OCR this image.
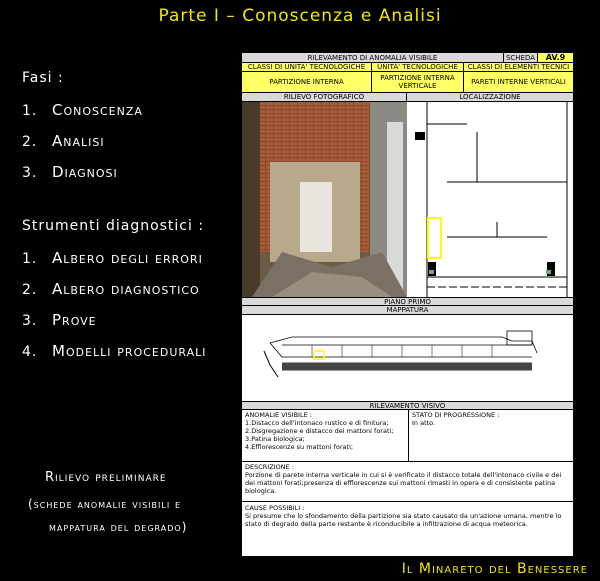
Parte I – Conoscenza e Analisi
Fasi :
1. Conoscenza
2. Analisi
3. Diagnosi
Strumenti diagnostici :
1. Albero degli errori
2. Albero diagnostico
3. Prove
4. Modelli procedurali
Rilievo preliminare
(schede anomalie visibili e
mappatura del degrado)
Il Minareto del Benessere
RILEVAMENTO DI ANOMALIA VISIBILE	SCHEDA	AV.9
CLASSI DI UNITA' TECNOLOGICHE	UNITA' TECNOLOGICHE	CLASSI DI ELEMENTI TECNICI
PARTIZIONE INTERNA	PARTIZIONE INTERNA VERTICALE	PARETI INTERNE VERTICALI
RILIEVO FOTOGRAFICO	LOCALIZZAZIONE
PIANO PRIMO
MAPPATURA
RILEVAMENTO VISIVO
ANOMALIE VISIBILE :
1.Distacco dell'intonaco rustico e di finitura;
2.Disgregazione e distacco dei mattoni forati;
3.Patina biologica;
4.Efflorescenze su mattoni forati;
STATO DI PROGRESSIONE :
In atto.
DESCRIZIONE :
Porzione di parete interna verticale in cui si è verificato il distacco totale dell'intonaco civile e dei dei mattoni forati;presenza di efflorescenze sui mattoni rimasti in opera e di consistente patina biologica.
CAUSE POSSIBILI :
Si presume che lo sfondamento della partizione sia stato causato da un'azione umana, mentre lo stato di degrado della parte restante è riconducibile a infiltrazione di acqua meteorica.
